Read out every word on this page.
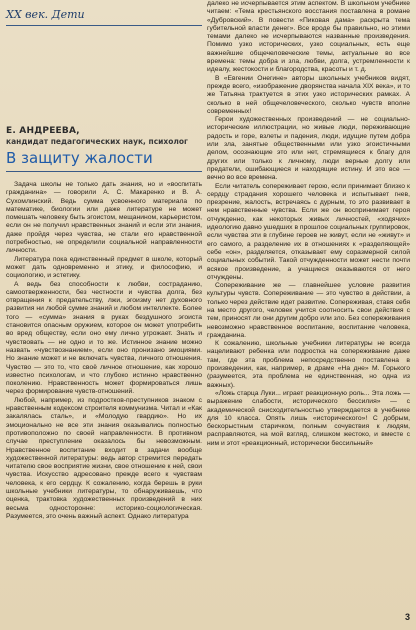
XX век. Дети
Е. АНДРЕЕВА,
кандидат педагогических наук, психолог
В защиту жалости
Задача школы не только дать знания, но и «воспитать гражданина» — говорили А. С. Макаренко и В. А. Сухомлинский. Ведь сумма усвоенного материала по математике, биологии или даже литературе не может помешать человеку быть эгоистом, мещанином, карьеристом, если он не получил нравственных знаний и если эти знания, даже пройдя через чувства, не стали его нравственной потребностью, не определили социальной направленности личности.
Литература пока единственный предмет в школе, который может дать одновременно и этику, и философию, и социологию, и эстетику.
А ведь без способности к любви, состраданию, самоотверженности, без честности и чувства долга, без отвращения к предательству, лжи, эгоизму нет духовного развития ни любой сумме знаний и любом интеллекте. Более того — «сумма» знания в руках бездушного эгоиста становится опасным оружием, которое он может употребить во вред обществу, если оно ему лично угрожает. Знать и чувствовать — не одно и то же. Истинное знание можно назвать «чувствознанием», если оно пронизано эмоциями. Но знание может и не включать чувства, личного отношения. Чувство — это то, что своё личное отношение, как хорошо известно психологам, и что глубоко истинно нравственно поколению. Нравственность может формироваться лишь через формирование чувств-отношений.
Любой, например, из подростков-преступников знаком с нравственным кодексом строителя коммунизма. Читал и «Как закалялась сталь», и «Молодую гвардию». Но их эмоционально не все эти знания оказывались полностью противоположно по своей направленности. В противном случае преступление оказалось бы невозможным. Нравственное воспитание входит в задачи вообще художественной литературы: ведь автор стремится передать читателю свое восприятие жизни, свое отношение к ней, свои чувства. Искусство адресовано прежде всего к чувствам человека, к его сердцу. К сожалению, когда берешь в руки школьные учебники литературы, то обнаруживаешь, что оценка, трактовка художественных произведений в них весьма односторонне: историко-социологическая. Разумеется, это очень важный аспект. Однако литература
далеко не исчерпывается этим аспектом. В школьном учебнике читаем: «Тема крестьянского восстания поставлена в романе «Дубровский». В повести «Пиковая дама» раскрыта тема губительной власти денег». Все вроде бы правильно, но этими темами далеко не исчерпываются названные произведения. Помимо узко исторических, узко социальных, есть еще важнейшие общечеловеческие темы, актуальные во все времена: темы добра и зла, любви, долга, устремленности к идеалу, жестокости и благородства, красоты и т. д.
В «Евгении Онегине» авторы школьных учебников видят, прежде всего, «изображение дворянства начала XIX века», и то же Татьяна трактуется в этих узко исторических рамках. А сколько в ней общечеловеческого, сколько чувств вполне современных!
Герои художественных произведений — не социально-исторические иллюстрации, но живые люди, переживающие радость и горе, взлеты и падения, люди, идущие путем добра или зла, занятые общественными или узко эгоистичными делом, осознающие это или нет, стремящиеся к благу для других или только к личному, люди верные долгу или предатели, ошибающиеся и находящие истину. И это все — вечно во все времена.
Если читатель сопереживает герою, если принимает близко к сердцу страдания хорошего человека и испытывает гнев, презрение, жалость, встречаясь с дурным, то это развивает в нем нравственные чувства. Если же он воспринимает героя отчужденно, как некоторых живых личностей, «ходячих» идеологию давно ушедших в прошлое социальных группировок, если чувства эти в глубине героев не живут, если не «живут» и его самого, а разделение их в отношениях к «разделяющей» себе «он», разделяется, отказывает ему соразмерной силой социальных событий. Такой отчужденности может нести почти всякое произведение, а учащиеся оказываются от него отчуждены.
Сопереживание же — главнейшее условие развития культуры чувств. Сопереживание — это чувство в действии, а только через действие идет развитие. Сопереживая, ставя себя на место другого, человек учится соотносить свои действия с тем, приносят ли они другим добро или зло. Без сопереживания невозможно нравственное воспитание, воспитание человека, гражданина.
К сожалению, школьные учебники литературы не всегда нацеливают ребенка или подростка на сопереживание даже там, где эта проблема непосредственно поставлена в произведении, как, например, в драме «На дне» М. Горького (разумеется, эта проблема не единственная, но одна из важных).
«Ложь старца Луки... играет реакционную роль... Эта ложь — выражение слабости, исторического бессилия» — с академической снисходительностью утверждается в учебнике для 10 класса. Опять лишь «исторического»! С добрым, бескорыстным старичком, полным сочувствия к людям, расправляются, на мой взгляд, слишком жестоко, и вместе с ним и этот «реакционный, исторически бессильный»
3
